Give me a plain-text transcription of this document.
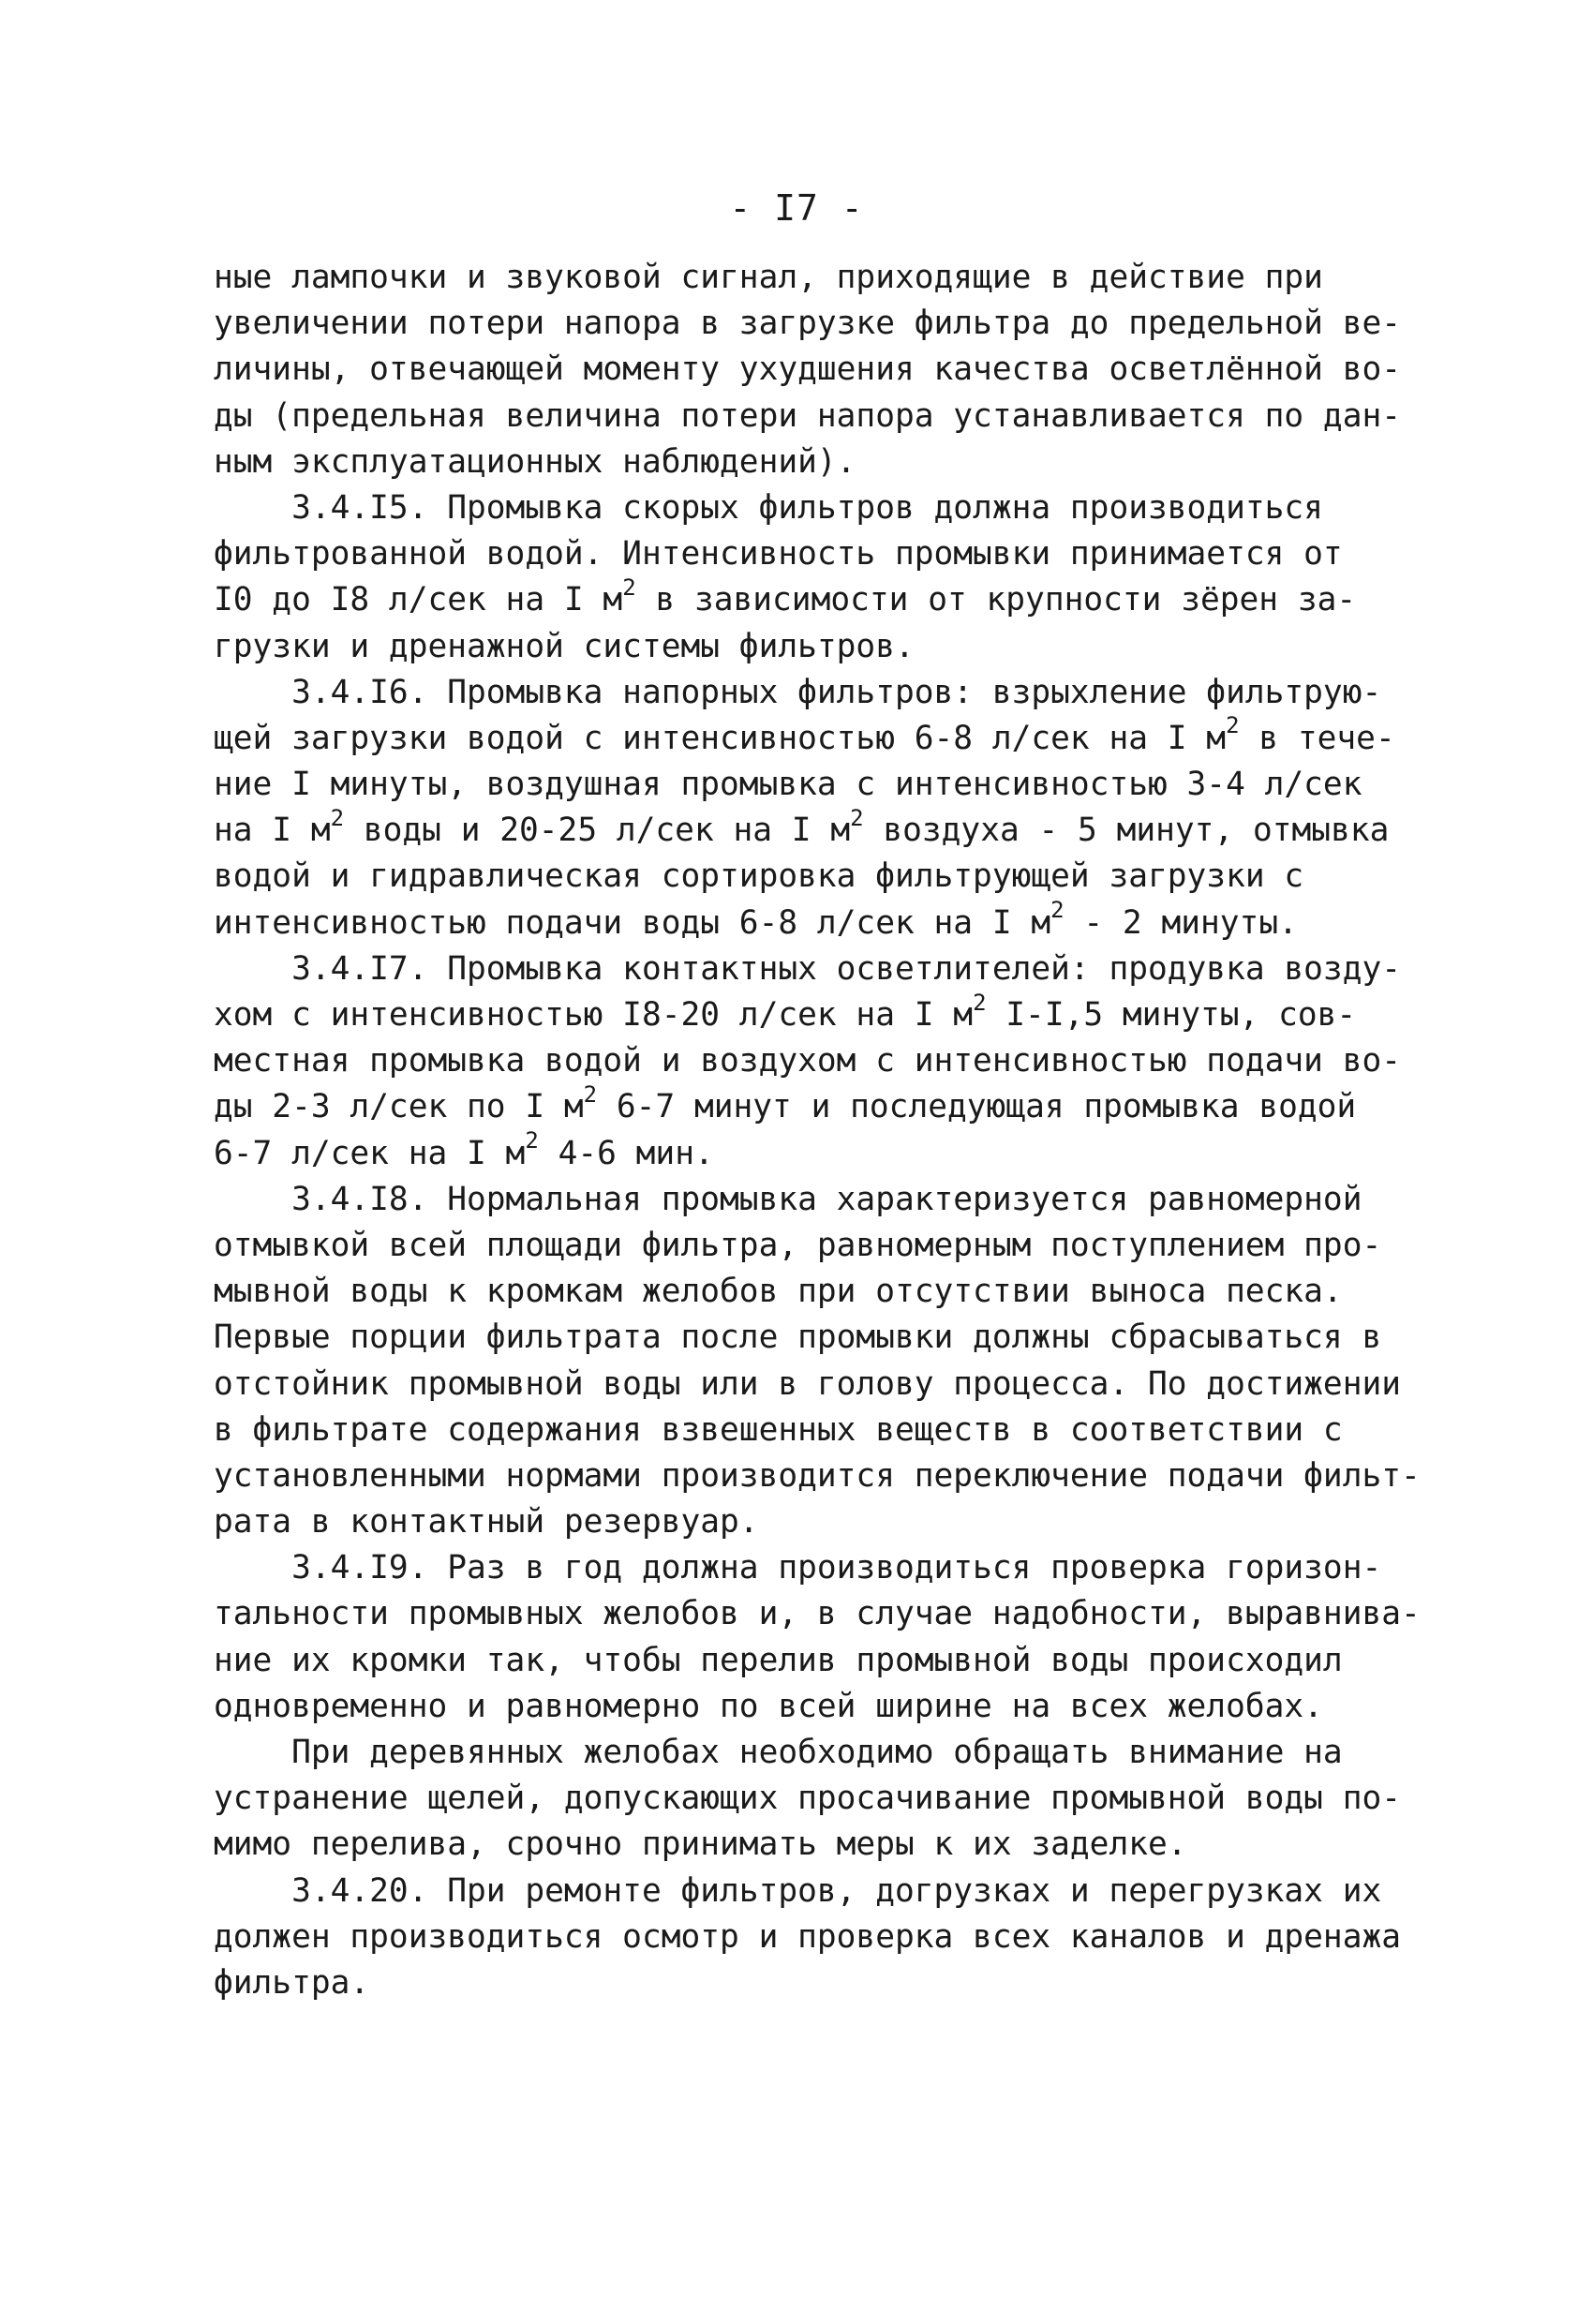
- I7 -
ные лампочки и звуковой сигнал, приходящие в действие при
увеличении потери напора в загрузке фильтра до предельной ве-
личины, отвечающей моменту ухудшения качества осветлённой во-
ды (предельная величина потери напора устанавливается по дан-
ным эксплуатационных наблюдений).
3.4.I5. Промывка скорых фильтров должна производиться
фильтрованной водой. Интенсивность промывки принимается от
I0 до I8 л/сек на I $м^2$ в зависимости от крупности зёрен за-
грузки и дренажной системы фильтров.
3.4.I6. Промывка напорных фильтров: взрыхление фильтрую-
щей загрузки водой с интенсивностью 6-8 л/сек на I $м^2$ в тече-
ние I минуты, воздушная промывка с интенсивностью 3-4 л/сек
на I $м^2$ воды и 20-25 л/сек на I $м^2$ воздуха - 5 минут, отмывка
водой и гидравлическая сортировка фильтрующей загрузки с
интенсивностью подачи воды 6-8 л/сек на I $м^2 - 2$ минуты.
3.4.I7. Промывка контактных осветлителей: продувка возду-
хом с интенсивностью I8-20 л/сек на I $м^2$ I-I,5 минуты, сов-
местная промывка водой и воздухом с интенсивностью подачи во-
ды 2-3 л/сек по I $м^2$ 6-7 минут и последующая промывка водой
6-7 л/сек на I $м^2$ 4-6 мин.
3.4.I8. Нормальная промывка характеризуется равномерной
отмывкой всей площади фильтра, равномерным поступлением про-
мывной воды к кромкам желобов при отсутствии выноса песка.
Первые порции фильтрата после промывки должны сбрасываться в
отстойник промывной воды или в голову процесса. По достижении
в фильтрате содержания взвешенных веществ в соответствии с
установленными нормами производится переключение подачи фильт-
рата в контактный резервуар.
3.4.I9. Раз в год должна производиться проверка горизон-
тальности промывных желобов и, в случае надобности, выравнива-
ние их кромки так, чтобы перелив промывной воды происходил
одновременно и равномерно по всей ширине на всех желобах.
При деревянных желобах необходимо обращать внимание на
устранение щелей, допускающих просачивание промывной воды по-
мимо перелива, срочно принимать меры к их заделке.
3.4.20. При ремонте фильтров, догрузках и перегрузках их
должен производиться осмотр и проверка всех каналов и дренажа
фильтра.
